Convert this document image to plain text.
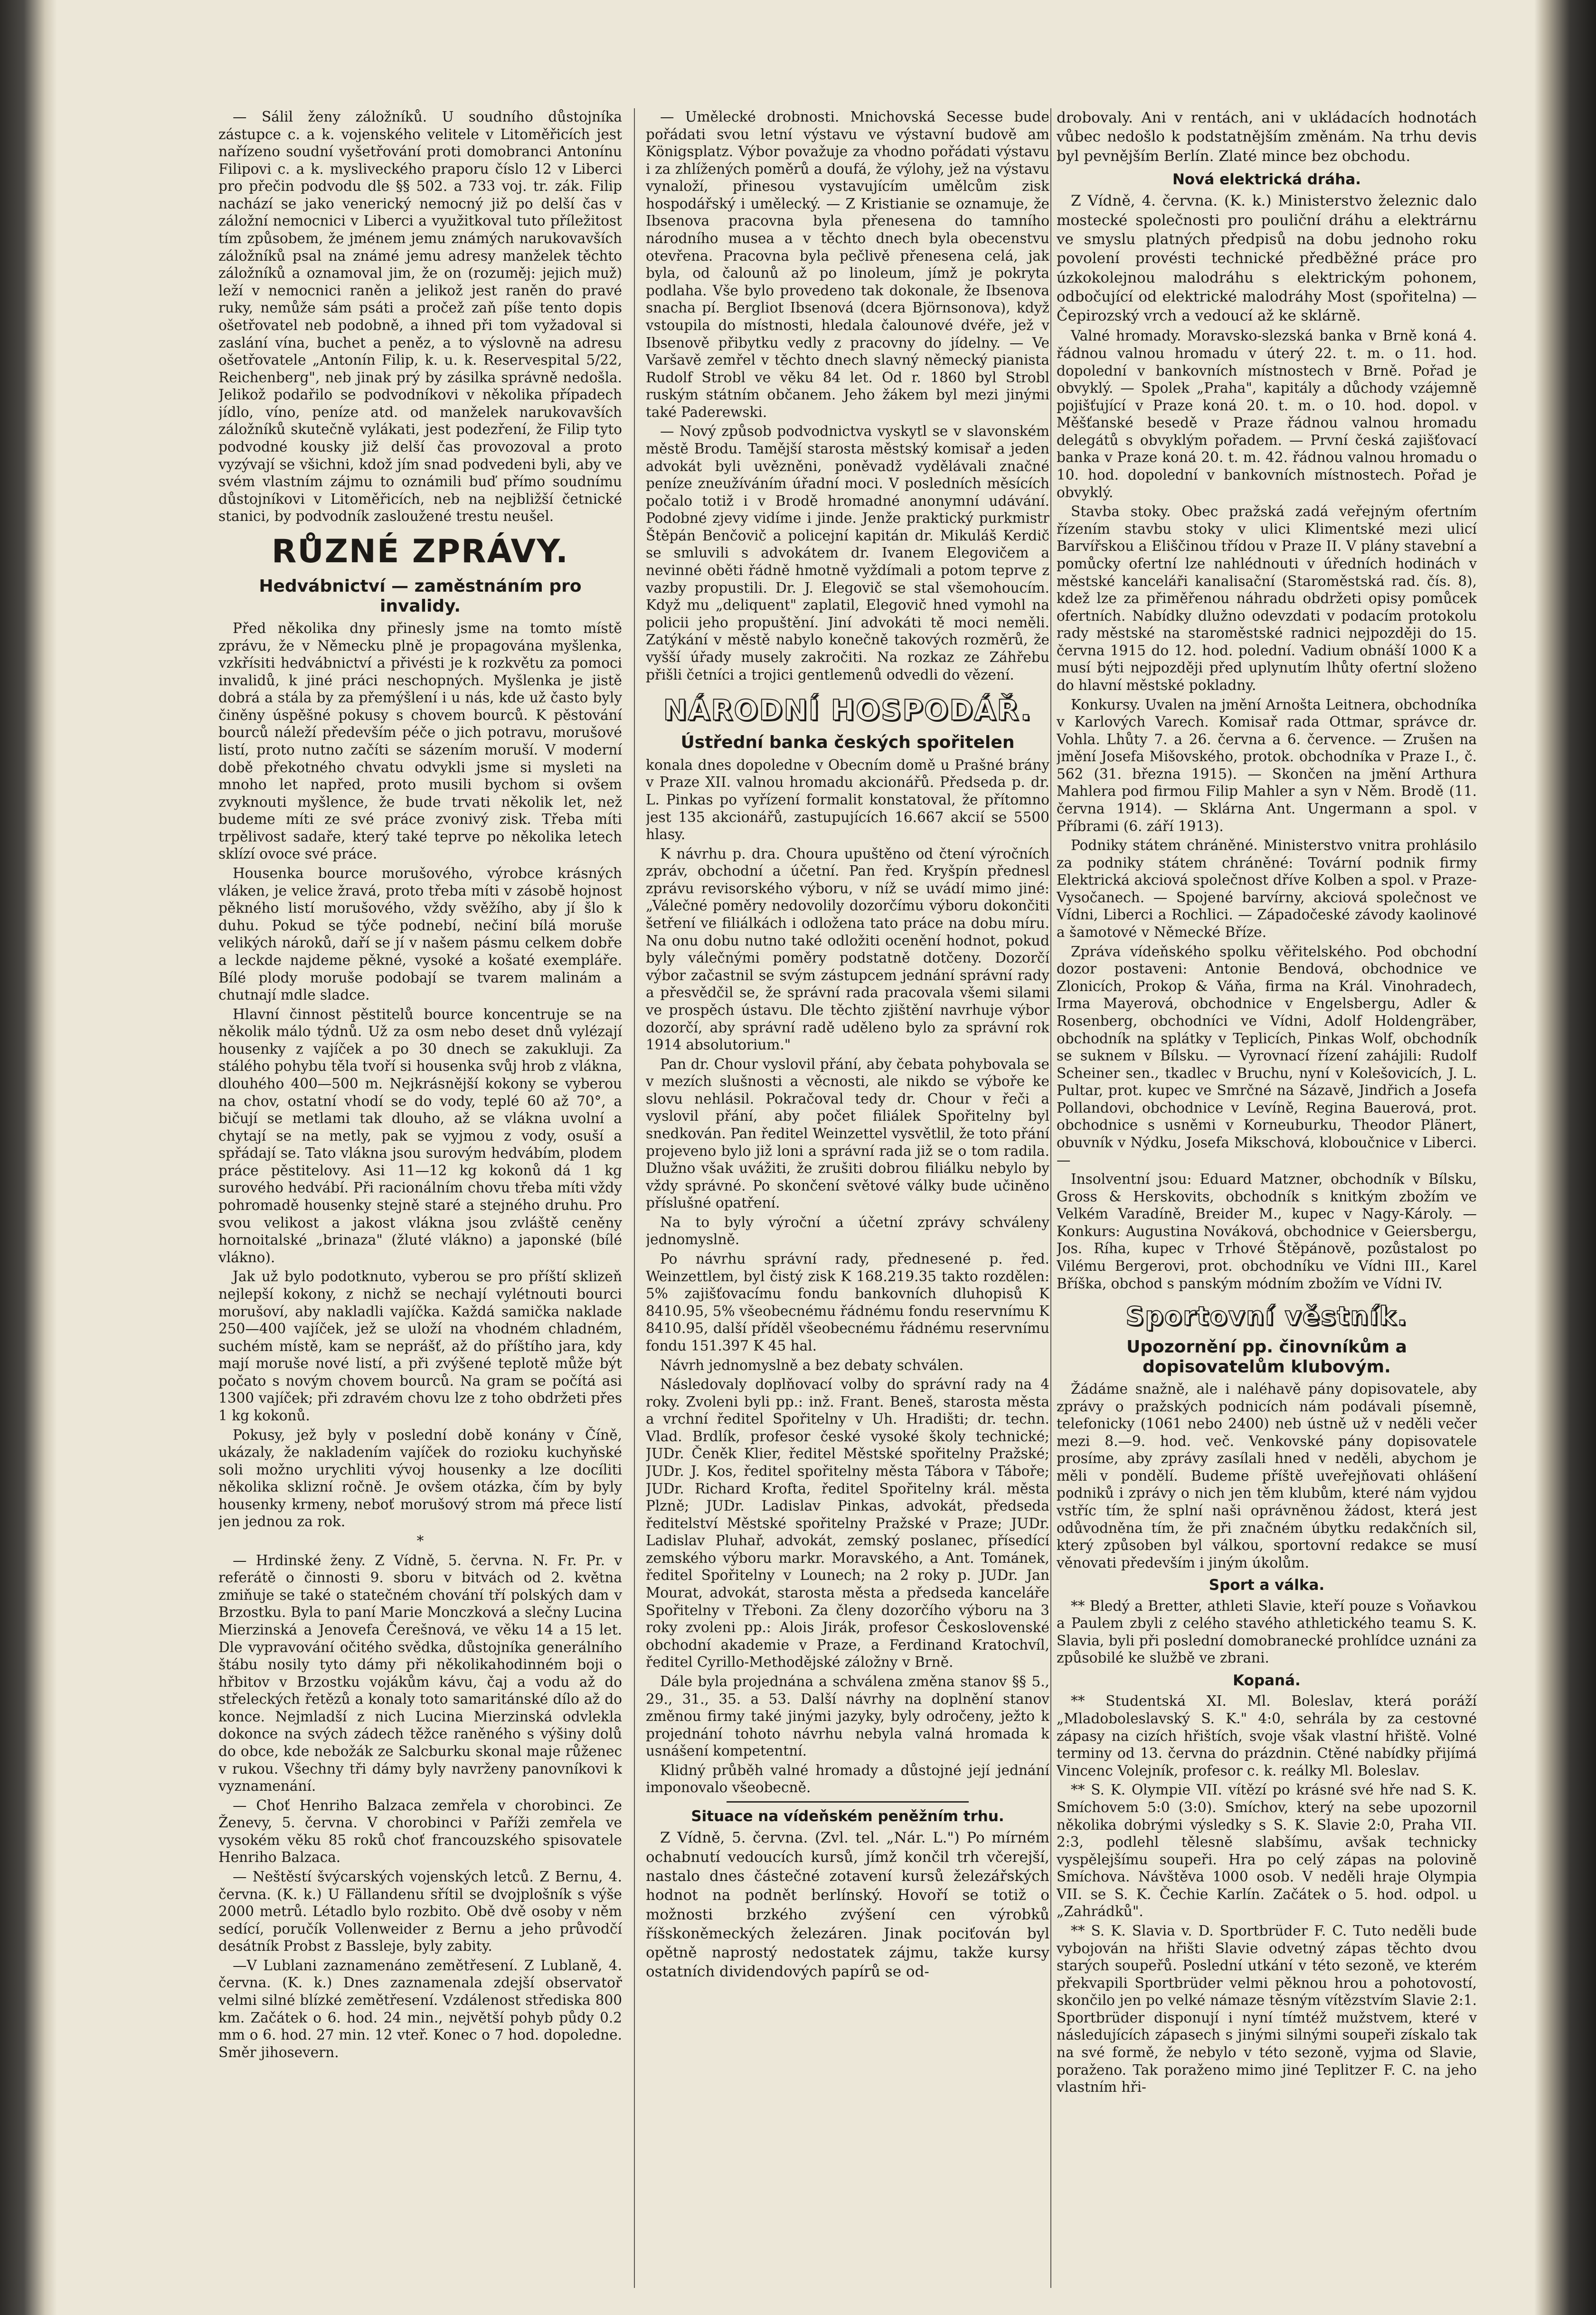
— Sálil ženy záložníků. U soudního důstojníka zástupce c. a k. vojenského velitele v Litoměřicích jest nařízeno soudní vyšetřování proti domobranci Antonínu Filipovi c. a k. mysliveckého praporu číslo 12 v Liberci pro přečin podvodu dle §§ 502. a 733 voj. tr. zák. Filip nachází se jako venerický nemocný již po delší čas v záložní nemocnici v Liberci a využitkoval tuto příležitost tím způsobem, že jménem jemu známých narukovavších záložníků psal na známé jemu adresy manželek těchto záložníků a oznamoval jim, že on (rozuměj: jejich muž) leží v nemocnici raněn a jelikož jest raněn do pravé ruky, nemůže sám psáti a pročež zaň píše tento dopis ošetřovatel neb podobně, a ihned při tom vyžadoval si zaslání vína, buchet a peněz, a to výslovně na adresu ošetřovatele „Antonín Filip, k. u. k. Reservespital 5/22, Reichenberg", neb jinak prý by zásilka správně nedošla. Jelikož podařilo se podvodníkovi v několika případech jídlo, víno, peníze atd. od manželek narukovavších záložníků skutečně vylákati, jest podezření, že Filip tyto podvodné kousky již delší čas provozoval a proto vyzývají se všichni, kdož jím snad podvedeni byli, aby ve svém vlastním zájmu to oznámili buď přímo soudnímu důstojníkovi v Litoměřicích, neb na nejbližší četnické stanici, by podvodník zasloužené trestu neušel.

RŮZNÉ ZPRÁVY.
Hedvábnictví — zaměstnáním pro invalidy.

Před několika dny přinesly jsme na tomto místě zprávu, že v Německu plně je propagována myšlenka, vzkřísiti hedvábnictví a přivésti je k rozkvětu za pomoci invalidů, k jiné práci neschopných. Myšlenka je jistě dobrá a stála by za přemýšlení i u nás, kde už často byly činěny úspěšné pokusy s chovem bourců. K pěstování bourců náleží především péče o jich potravu, morušové listí, proto nutno začíti se sázením moruší. V moderní době překotného chvatu odvykli jsme si mysleti na mnoho let napřed, proto musili bychom si ovšem zvyknouti myšlence, že bude trvati několik let, než budeme míti ze své práce zvonivý zisk. Třeba míti trpělivost sadaře, který také teprve po několika letech sklízí ovoce své práce.

Housenka bource morušového, výrobce krásných vláken, je velice žravá, proto třeba míti v zásobě hojnost pěkného listí morušového, vždy svěžího, aby jí šlo k duhu. Pokud se týče podnebí, nečiní bílá moruše velikých nároků, daří se jí v našem pásmu celkem dobře a leckde najdeme pěkné, vysoké a košaté exempláře. Bílé plody moruše podobají se tvarem malinám a chutnají mdle sladce.

Hlavní činnost pěstitelů bource koncentruje se na několik málo týdnů. Už za osm nebo deset dnů vylézají housenky z vajíček a po 30 dnech se zakukluji. Za stálého pohybu těla tvoří si housenka svůj hrob z vlákna, dlouhého 400—500 m. Nejkrásnější kokony se vyberou na chov, ostatní vhodí se do vody, teplé 60 až 70°, a bičují se metlami tak dlouho, až se vlákna uvolní a chytají se na metly, pak se vyjmou z vody, osuší a spřádají se. Tato vlákna jsou surovým hedvábím, plodem práce pěstitelovy. Asi 11—12 kg kokonů dá 1 kg surového hedvábí. Při racionálním chovu třeba míti vždy pohromadě housenky stejně staré a stejného druhu. Pro svou velikost a jakost vlákna jsou zvláště ceněny hornoitalské „brinaza" (žluté vlákno) a japonské (bílé vlákno).

Jak už bylo podotknuto, vyberou se pro příští sklizeň nejlepší kokony, z nichž se nechají vylétnouti bourci morušoví, aby nakladli vajíčka. Každá samička naklade 250—400 vajíček, jež se uloží na vhodném chladném, suchém místě, kam se neprášť, až do příštího jara, kdy mají moruše nové listí, a při zvýšené teplotě může být počato s novým chovem bourců. Na gram se počítá asi 1300 vajíček; při zdravém chovu lze z toho obdržeti přes 1 kg kokonů.

Pokusy, jež byly v poslední době konány v Číně, ukázaly, že nakladením vajíček do rozioku kuchyňské soli možno urychliti vývoj housenky a lze docíliti několika sklizní ročně. Je ovšem otázka, čím by byly housenky krmeny, neboť morušový strom má přece listí jen jednou za rok.

*

— Hrdinské ženy. Z Vídně, 5. června. N. Fr. Pr. v referátě o činnosti 9. sboru v bitvách od 2. května zmiňuje se také o statečném chování tří polských dam v Brzostku. Byla to paní Marie Monczková a slečny Lucina Mierzinská a Jenovefa Čerešnová, ve věku 14 a 15 let. Dle vypravování očitého svědka, důstojníka generálního štábu nosily tyto dámy při několikahodinném boji o hřbitov v Brzostku vojákům kávu, čaj a vodu až do střeleckých řetězů a konaly toto samaritánské dílo až do konce. Nejmladší z nich Lucina Mierzinská odvlekla dokonce na svých zádech těžce raněného s výšiny dolů do obce, kde nebožák ze Salcburku skonal maje růženec v rukou. Všechny tři dámy byly navrženy panovníkovi k vyznamenání.

— Choť Henriho Balzaca zemřela v chorobinci. Ze Ženevy, 5. června. V chorobinci v Paříži zemřela ve vysokém věku 85 roků choť francouzského spisovatele Henriho Balzaca.

— Neštěstí švýcarských vojenských letců. Z Bernu, 4. června. (K. k.) U Fällandenu sřítil se dvojplošník s výše 2000 metrů. Létadlo bylo rozbito. Obě dvě osoby v něm sedící, poručík Vollenweider z Bernu a jeho průvodčí desátník Probst z Bassleje, byly zabity.

—V Lublani zaznamenáno zemětřesení. Z Lublaně, 4. června. (K. k.) Dnes zaznamenala zdejší observatoř velmi silné blízké zemětřesení. Vzdálenost střediska 800 km. Začátek o 6. hod. 24 min., největší pohyb půdy 0.2 mm o 6. hod. 27 min. 12 vteř. Konec o 7 hod. dopoledne. Směr jihosevern.

— Umělecké drobnosti. Mnichovská Secesse bude pořádati svou letní výstavu ve výstavní budově am Königsplatz. Výbor považuje za vhodno pořádati výstavu i za zhlížených poměrů a doufá, že výlohy, jež na výstavu vynaloží, přinesou vystavujícím umělcům zisk hospodářský i umělecký. — Z Kristianie se oznamuje, že Ibsenova pracovna byla přenesena do tamního národního musea a v těchto dnech byla obecenstvu otevřena. Pracovna byla pečlivě přenesena celá, jak byla, od čalounů až po linoleum, jímž je pokryta podlaha. Vše bylo provedeno tak dokonale, že Ibsenova snacha pí. Bergliot Ibsenová (dcera Björnsonova), když vstoupila do místnosti, hledala čalounové dvéře, jež v Ibsenově přibytku vedly z pracovny do jídelny. — Ve Varšavě zemřel v těchto dnech slavný německý pianista Rudolf Strobl ve věku 84 let. Od r. 1860 byl Strobl ruským státním občanem. Jeho žákem byl mezi jinými také Paderewski.

— Nový způsob podvodnictva vyskytl se v slavonském městě Brodu. Tamější starosta městský komisař a jeden advokát byli uvězněni, poněvadž vydělávali značné peníze zneužíváním úřadní moci. V posledních měsících počalo totiž i v Brodě hromadné anonymní udávání. Podobné zjevy vidíme i jinde. Jenže praktický purkmistr Štěpán Benčovič a policejní kapitán dr. Mikuláš Kerdič se smluvili s advokátem dr. Ivanem Elegovičem a nevinné oběti řádně hmotně vyždímali a potom teprve z vazby propustili. Dr. J. Elegovič se stal všemohoucím. Když mu „deliquent" zaplatil, Elegovič hned vymohl na policii jeho propuštění. Jiní advokáti tě moci neměli. Zatýkání v městě nabylo konečně takových rozměrů, že vyšší úřady musely zakročiti. Na rozkaz ze Záhřebu přišli četníci a trojici gentlemenů odvedli do vězení.

NÁRODNÍ HOSPODÁŘ.
Ústřední banka českých spořitelen

konala dnes dopoledne v Obecním domě u Prašné brány v Praze XII. valnou hromadu akcionářů. Předseda p. dr. L. Pinkas po vyřízení formalit konstatoval, že přítomno jest 135 akcionářů, zastupujících 16.667 akcií se 5500 hlasy.

K návrhu p. dra. Choura upuštěno od čtení výročních zpráv, obchodní a účetní. Pan řed. Kryšpín přednesl zprávu revisorského výboru, v níž se uvádí mimo jiné: „Válečné poměry nedovolily dozorčímu výboru dokončiti šetření ve filiálkách i odložena tato práce na dobu míru. Na onu dobu nutno také odložiti ocenění hodnot, pokud byly válečnými poměry podstatně dotčeny. Dozorčí výbor začastnil se svým zástupcem jednání správní rady a přesvědčil se, že správní rada pracovala všemi silami ve prospěch ústavu. Dle těchto zjištění navrhuje výbor dozorčí, aby správní radě uděleno bylo za správní rok 1914 absolutorium."

Pan dr. Chour vyslovil přání, aby čebata pohybovala se v mezích slušnosti a věcnosti, ale nikdo se výboře ke slovu nehlásil. Pokračoval tedy dr. Chour v řeči a vyslovil přání, aby počet filiálek Spořitelny byl snedkován. Pan ředitel Weinzettel vysvětlil, že toto přání projeveno bylo již loni a správní rada již se o tom radila. Dlužno však uvážiti, že zrušiti dobrou filiálku nebylo by vždy správné. Po skončení světové války bude učiněno příslušné opatření.

Na to byly výroční a účetní zprávy schváleny jednomyslně.

Po návrhu správní rady, přednesené p. řed. Weinzettlem, byl čistý zisk K 168.219.35 takto rozdělen: 5% zajišťovacímu fondu bankovních dluhopisů K 8410.95, 5% všeobecnému řádnému fondu reservnímu K 8410.95, další příděl všeobecnému řádnému reservnímu fondu 151.397 K 45 hal.

Návrh jednomyslně a bez debaty schválen.

Následovaly doplňovací volby do správní rady na 4 roky. Zvoleni byli pp.: inž. Frant. Beneš, starosta města a vrchní ředitel Spořitelny v Uh. Hradišti; dr. techn. Vlad. Brdlík, profesor české vysoké školy technické; JUDr. Čeněk Klier, ředitel Městské spořitelny Pražské; JUDr. J. Kos, ředitel spořitelny města Tábora v Táboře; JUDr. Richard Krofta, ředitel Spořitelny král. města Plzně; JUDr. Ladislav Pinkas, advokát, předseda ředitelství Městské spořitelny Pražské v Praze; JUDr. Ladislav Pluhař, advokát, zemský poslanec, přísedící zemského výboru markr. Moravského, a Ant. Tománek, ředitel Spořitelny v Lounech; na 2 roky p. JUDr. Jan Mourat, advokát, starosta města a předseda kanceláře Spořitelny v Třeboni. Za členy dozorčího výboru na 3 roky zvoleni pp.: Alois Jirák, profesor Československé obchodní akademie v Praze, a Ferdinand Kratochvíl, ředitel Cyrillo-Methodějské záložny v Brně.

Dále byla projednána a schválena změna stanov §§ 5., 29., 31., 35. a 53. Další návrhy na doplnění stanov změnou firmy také jinými jazyky, byly odročeny, ježto k projednání tohoto návrhu nebyla valná hromada k usnášení kompetentní.

Klidný průběh valné hromady a důstojné její jednání imponovalo všeobecně.

Situace na vídeňském peněžním trhu.

Z Vídně, 5. června. (Zvl. tel. „Nár. L.") Po mírném ochabnutí vedoucích kursů, jímž končil trh včerejší, nastalo dnes částečné zotavení kursů železářských hodnot na podnět berlínský. Hovoří se totiž o možnosti brzkého zvýšení cen výrobků říšskoněmeckých železáren. Jinak pociťován byl opětně naprostý nedostatek zájmu, takže kursy ostatních dividendových papírů se od-

drobovaly. Ani v rentách, ani v ukládacích hodnotách vůbec nedošlo k podstatnějším změnám. Na trhu devis byl pevnějším Berlín. Zlaté mince bez obchodu.

Nová elektrická dráha.

Z Vídně, 4. června. (K. k.) Ministerstvo železnic dalo mostecké společnosti pro pouliční dráhu a elektrárnu ve smyslu platných předpisů na dobu jednoho roku povolení provésti technické předběžné práce pro úzkokolejnou malodráhu s elektrickým pohonem, odbočující od elektrické malodráhy Most (spořitelna) — Čepirozský vrch a vedoucí až ke sklárně.

Valné hromady. Moravsko-slezská banka v Brně koná 4. řádnou valnou hromadu v úterý 22. t. m. o 11. hod. dopolední v bankovních místnostech v Brně. Pořad je obvyklý. — Spolek „Praha", kapitály a důchody vzájemně pojišťující v Praze koná 20. t. m. o 10. hod. dopol. v Měšťanské besedě v Praze řádnou valnou hromadu delegátů s obvyklým pořadem. — První česká zajišťovací banka v Praze koná 20. t. m. 42. řádnou valnou hromadu o 10. hod. dopolední v bankovních místnostech. Pořad je obvyklý.

Stavba stoky. Obec pražská zadá veřejným ofertním řízením stavbu stoky v ulici Klimentské mezi ulicí Barvířskou a Eliščinou třídou v Praze II. V plány stavební a pomůcky ofertní lze nahlédnouti v úředních hodinách v městské kanceláři kanalisační (Staroměstská rad. čís. 8), kdež lze za přiměřenou náhradu obdržeti opisy pomůcek ofertních. Nabídky dlužno odevzdati v podacím protokolu rady městské na staroměstské radnici nejpozději do 15. června 1915 do 12. hod. polední. Vadium obnáší 1000 K a musí býti nejpozději před uplynutím lhůty ofertní složeno do hlavní městské pokladny.

Konkursy. Uvalen na jmění Arnošta Leitnera, obchodníka v Karlových Varech. Komisař rada Ottmar, správce dr. Vohla. Lhůty 7. a 26. června a 6. července. — Zrušen na jmění Josefa Mišovského, protok. obchodníka v Praze I., č. 562 (31. března 1915). — Skončen na jmění Arthura Mahlera pod firmou Filip Mahler a syn v Něm. Brodě (11. června 1914). — Sklárna Ant. Ungermann a spol. v Příbrami (6. září 1913).

Podniky státem chráněné. Ministerstvo vnitra prohlásilo za podniky státem chráněné: Tovární podnik firmy Elektrická akciová společnost dříve Kolben a spol. v Praze-Vysočanech. — Spojené barvírny, akciová společnost ve Vídni, Liberci a Rochlici. — Západočeské závody kaolinové a šamotové v Německé Bříze.

Zpráva vídeňského spolku věřitelského. Pod obchodní dozor postaveni: Antonie Bendová, obchodnice ve Zlonicích, Prokop & Váňa, firma na Král. Vinohradech, Irma Mayerová, obchodnice v Engelsbergu, Adler & Rosenberg, obchodníci ve Vídni, Adolf Holdengräber, obchodník na splátky v Teplicích, Pinkas Wolf, obchodník se suknem v Bílsku. — Vyrovnací řízení zahájili: Rudolf Scheiner sen., tkadlec v Bruchu, nyní v Kolešovicích, J. L. Pultar, prot. kupec ve Smrčné na Sázavě, Jindřich a Josefa Pollandovi, obchodnice v Levíně, Regina Bauerová, prot. obchodnice s usněmi v Korneuburku, Theodor Plänert, obuvník v Nýdku, Josefa Mikschová, kloboučnice v Liberci. —

Insolventní jsou: Eduard Matzner, obchodník v Bílsku, Gross & Herskovits, obchodník s knitkým zbožím ve Velkém Varadíně, Breider M., kupec v Nagy-Károly. — Konkurs: Augustina Nováková, obchodnice v Geiersbergu, Jos. Ríha, kupec v Trhové Štěpánově, pozůstalost po Vilému Bergerovi, prot. obchodníku ve Vídni III., Karel Bříška, obchod s panským módním zbožím ve Vídni IV.

Sportovní věstník.
Upozornění pp. činovníkům a dopisovatelům klubovým.

Žádáme snažně, ale i naléhavě pány dopisovatele, aby zprávy o pražských podnicích nám podávali písemně, telefonicky (1061 nebo 2400) neb ústně už v neděli večer mezi 8.—9. hod. več. Venkovské pány dopisovatele prosíme, aby zprávy zasílali hned v neděli, abychom je měli v pondělí. Budeme příště uveřejňovati ohlášení podniků i zprávy o nich jen těm klubům, které nám vyjdou vstříc tím, že splní naši oprávněnou žádost, která jest odůvodněna tím, že při značném úbytku redakčních sil, který způsoben byl válkou, sportovní redakce se musí věnovati především i jiným úkolům.

Sport a válka.

** Bledý a Bretter, athleti Slavie, kteří pouze s Voňavkou a Paulem zbyli z celého stavého athletického teamu S. K. Slavia, byli při poslední domobranecké prohlídce uznáni za způsobilé ke službě ve zbrani.

Kopaná.

** Studentská XI. Ml. Boleslav, která poráží „Mladoboleslavský S. K." 4:0, sehrála by za cestovné zápasy na cizích hřištích, svoje však vlastní hřiště. Volné terminy od 13. června do prázdnin. Ctěné nabídky přijímá Vincenc Volejník, profesor c. k. reálky Ml. Boleslav.

** S. K. Olympie VII. vítězí po krásné své hře nad S. K. Smíchovem 5:0 (3:0). Smíchov, který na sebe upozornil několika dobrými výsledky s S. K. Slavie 2:0, Praha VII. 2:3, podlehl tělesně slabšímu, avšak technicky vyspělejšímu soupeři. Hra po celý zápas na polovině Smíchova. Návštěva 1000 osob. V neděli hraje Olympia VII. se S. K. Čechie Karlín. Začátek o 5. hod. odpol. u „Zahrádků".

** S. K. Slavia v. D. Sportbrüder F. C. Tuto neděli bude vybojován na hřišti Slavie odvetný zápas těchto dvou starých soupeřů. Poslední utkání v této sezoně, ve kterém překvapili Sportbrüder velmi pěknou hrou a pohotovostí, skončilo jen po velké námaze těsným vítězstvím Slavie 2:1. Sportbrüder disponují i nyní tímtéž mužstvem, které v následujících zápasech s jinými silnými soupeři získalo tak na své formě, že nebylo v této sezoně, vyjma od Slavie, poraženo. Tak poraženo mimo jiné Teplitzer F. C. na jeho vlastním hři-
